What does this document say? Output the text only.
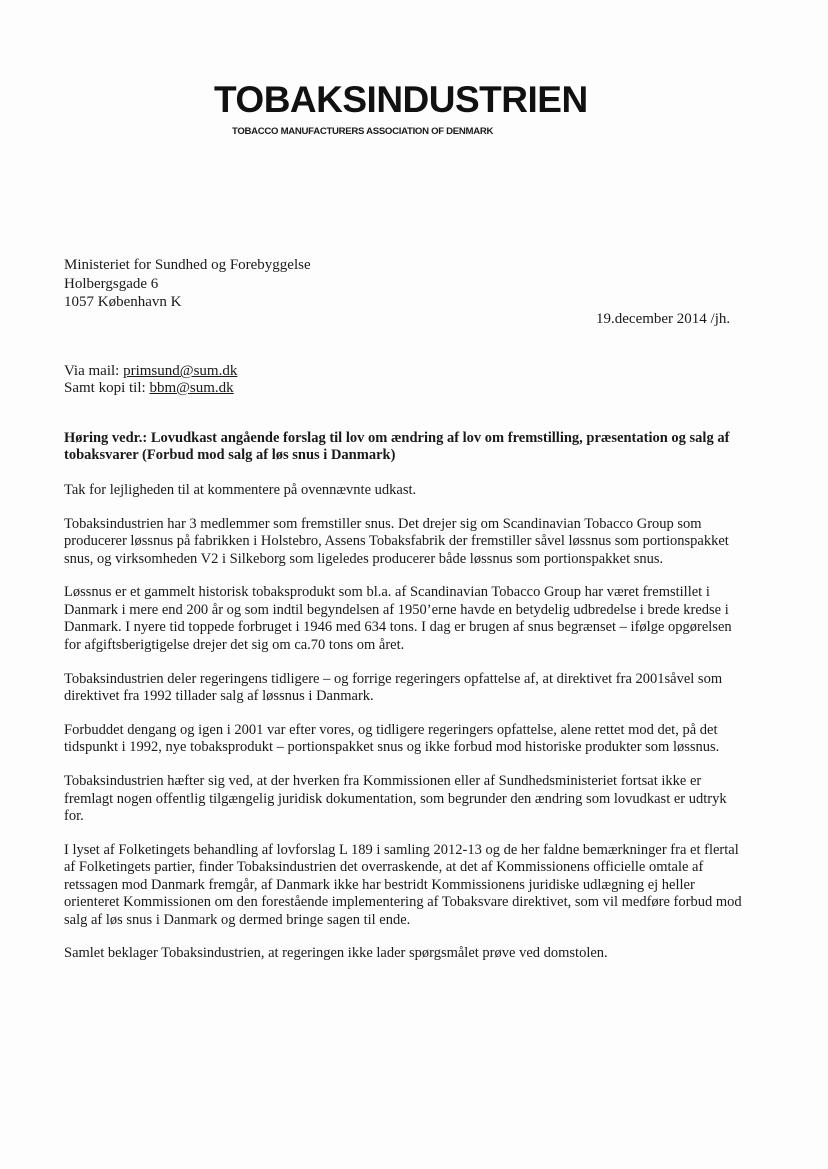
TOBAKSINDUSTRIEN
TOBACCO MANUFACTURERS ASSOCIATION OF DENMARK
Ministeriet for Sundhed og Forebyggelse
Holbergsgade 6
1057 København K
19.december 2014 /jh.
Via mail: primsund@sum.dk
Samt kopi til: bbm@sum.dk

Høring vedr.: Lovudkast angående forslag til lov om ændring af lov om fremstilling, præsentation og salg af tobaksvarer (Forbud mod salg af løs snus i Danmark)

Tak for lejligheden til at kommentere på ovennævnte udkast.

Tobaksindustrien har 3 medlemmer som fremstiller snus. Det drejer sig om Scandinavian Tobacco Group som producerer løssnus på fabrikken i Holstebro, Assens Tobaksfabrik der fremstiller såvel løssnus som portionspakket snus, og virksomheden V2 i Silkeborg som ligeledes producerer både løssnus som portionspakket snus.

Løssnus er et gammelt historisk tobaksprodukt som bl.a. af Scandinavian Tobacco Group har været fremstillet i Danmark i mere end 200 år og som indtil begyndelsen af 1950’erne havde en betydelig udbredelse i brede kredse i Danmark. I nyere tid toppede forbruget i 1946 med 634 tons. I dag er brugen af snus begrænset – ifølge opgørelsen for afgiftsberigtigelse drejer det sig om ca.70 tons om året.

Tobaksindustrien deler regeringens tidligere – og forrige regeringers opfattelse af, at direktivet fra 2001såvel som direktivet fra 1992 tillader salg af løssnus i Danmark.

Forbuddet dengang og igen i 2001 var efter vores, og tidligere regeringers opfattelse, alene rettet mod det, på det tidspunkt i 1992, nye tobaksprodukt – portionspakket snus og ikke forbud mod historiske produkter som løssnus.

Tobaksindustrien hæfter sig ved, at der hverken fra Kommissionen eller af Sundhedsministeriet fortsat ikke er fremlagt nogen offentlig tilgængelig juridisk dokumentation, som begrunder den ændring som lovudkast er udtryk for.

I lyset af Folketingets behandling af lovforslag L 189 i samling 2012-13 og de her faldne bemærkninger fra et flertal af Folketingets partier, finder Tobaksindustrien det overraskende, at det af Kommissionens officielle omtale af retssagen mod Danmark fremgår, af Danmark ikke har bestridt Kommissionens juridiske udlægning ej heller orienteret Kommissionen om den forestående implementering af Tobaksvare direktivet, som vil medføre forbud mod salg af løs snus i Danmark og dermed bringe sagen til ende.

Samlet beklager Tobaksindustrien, at regeringen ikke lader spørgsmålet prøve ved domstolen.
